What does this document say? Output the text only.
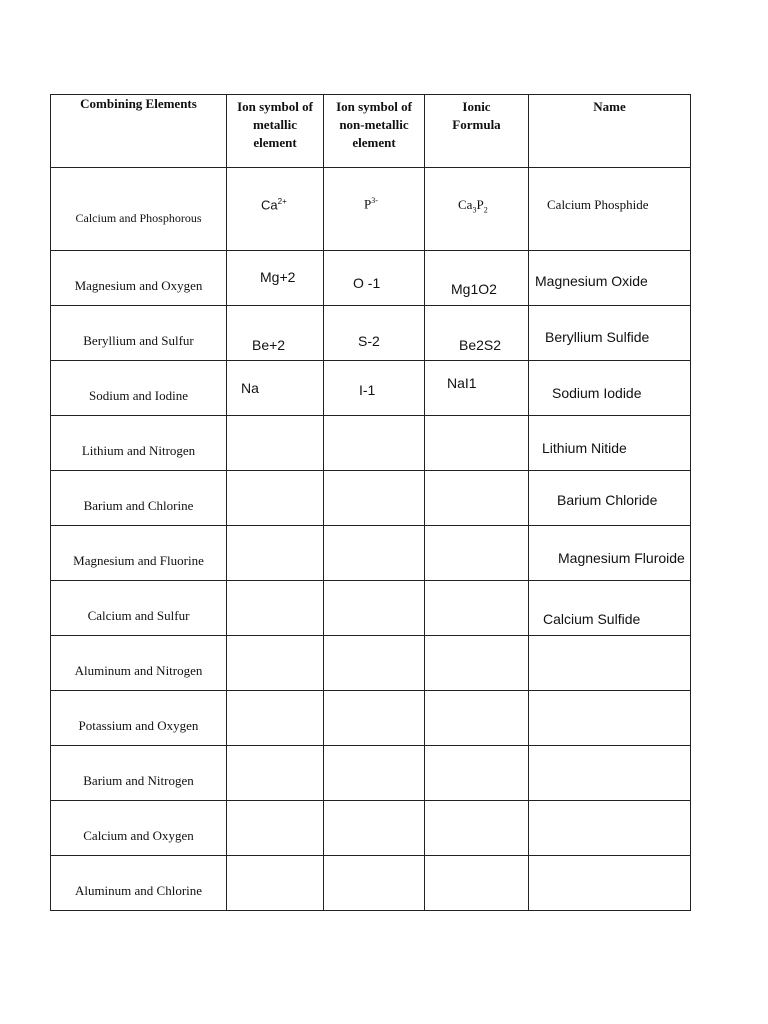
Combining Elements	Ion symbol of metallic element	Ion symbol of non-metallic element	Ionic Formula	Name

Calcium and Phosphorous	$Ca^{2+}$	$P^{3-}$	$Ca_3P_2$	Calcium Phosphide

Magnesium and Oxygen	Mg+2	O -1	Mg1O2	Magnesium Oxide

Beryllium and Sulfur	Be+2	S-2	Be2S2	Beryllium Sulfide

Sodium and Iodine	Na	I-1	NaI1	Sodium Iodide

Lithium and Nitrogen				Lithium Nitide

Barium and Chlorine				Barium Chloride

Magnesium and Fluorine				Magnesium Fluroide

Calcium and Sulfur				Calcium Sulfide

Aluminum and Nitrogen				

Potassium and Oxygen				

Barium and Nitrogen				

Calcium and Oxygen				

Aluminum and Chlorine				
